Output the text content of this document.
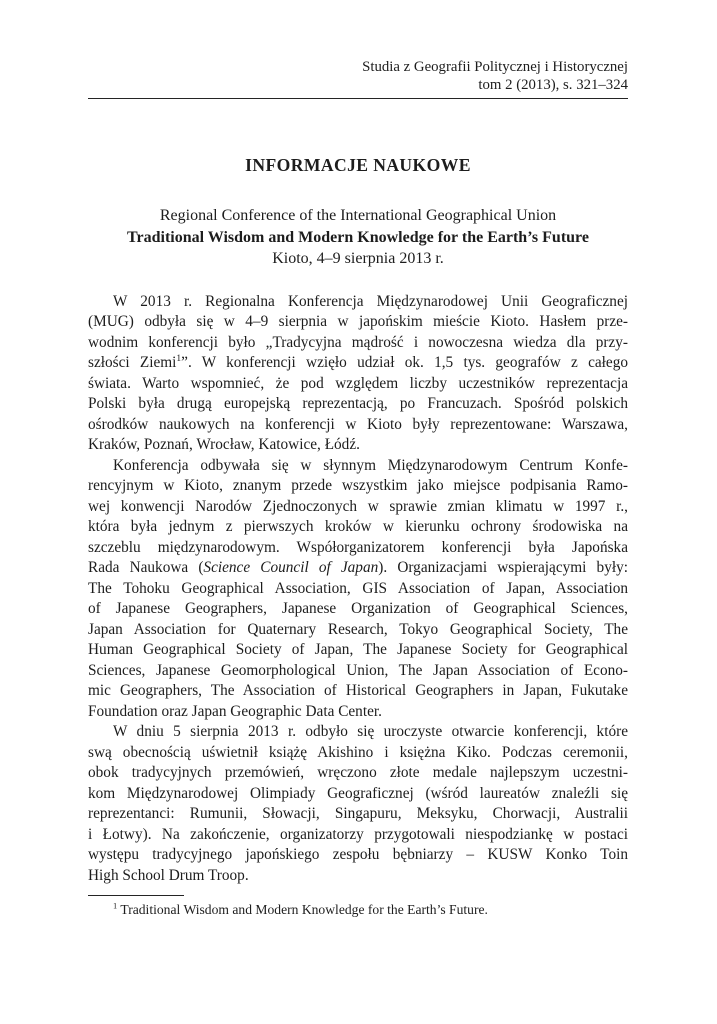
Studia z Geografii Politycznej i Historycznej
tom 2 (2013), s. 321–324
INFORMACJE NAUKOWE
Regional Conference of the International Geographical Union
Traditional Wisdom and Modern Knowledge for the Earth’s Future
Kioto, 4–9 sierpnia 2013 r.

W 2013 r. Regionalna Konferencja Międzynarodowej Unii Geograficznej
(MUG) odbyła się w 4–9 sierpnia w japońskim mieście Kioto. Hasłem prze-
wodnim konferencji było „Tradycyjna mądrość i nowoczesna wiedza dla przy-
szłości Ziemi$^1$”. W konferencji wzięło udział ok. 1,5 tys. geografów z całego
świata. Warto wspomnieć, że pod względem liczby uczestników reprezentacja
Polski była drugą europejską reprezentacją, po Francuzach. Spośród polskich
ośrodków naukowych na konferencji w Kioto były reprezentowane: Warszawa,
Kraków, Poznań, Wrocław, Katowice, Łódź.

Konferencja odbywała się w słynnym Międzynarodowym Centrum Konfe-
rencyjnym w Kioto, znanym przede wszystkim jako miejsce podpisania Ramo-
wej konwencji Narodów Zjednoczonych w sprawie zmian klimatu w 1997 r.,
która była jednym z pierwszych kroków w kierunku ochrony środowiska na
szczeblu międzynarodowym. Współorganizatorem konferencji była Japońska
Rada Naukowa (Science Council of Japan). Organizacjami wspierającymi były:
The Tohoku Geographical Association, GIS Association of Japan, Association
of Japanese Geographers, Japanese Organization of Geographical Sciences,
Japan Association for Quaternary Research, Tokyo Geographical Society, The
Human Geographical Society of Japan, The Japanese Society for Geographical
Sciences, Japanese Geomorphological Union, The Japan Association of Econo-
mic Geographers, The Association of Historical Geographers in Japan, Fukutake
Foundation oraz Japan Geographic Data Center.

W dniu 5 sierpnia 2013 r. odbyło się uroczyste otwarcie konferencji, które
swą obecnością uświetnił książę Akishino i księżna Kiko. Podczas ceremonii,
obok tradycyjnych przemówień, wręczono złote medale najlepszym uczestni-
kom Międzynarodowej Olimpiady Geograficznej (wśród laureatów znaleźli się
reprezentanci: Rumunii, Słowacji, Singapuru, Meksyku, Chorwacji, Australii
i Łotwy). Na zakończenie, organizatorzy przygotowali niespodziankę w postaci
występu tradycyjnego japońskiego zespołu bębniarzy – KUSW Konko Toin
High School Drum Troop.

$^1$ Traditional Wisdom and Modern Knowledge for the Earth’s Future.
